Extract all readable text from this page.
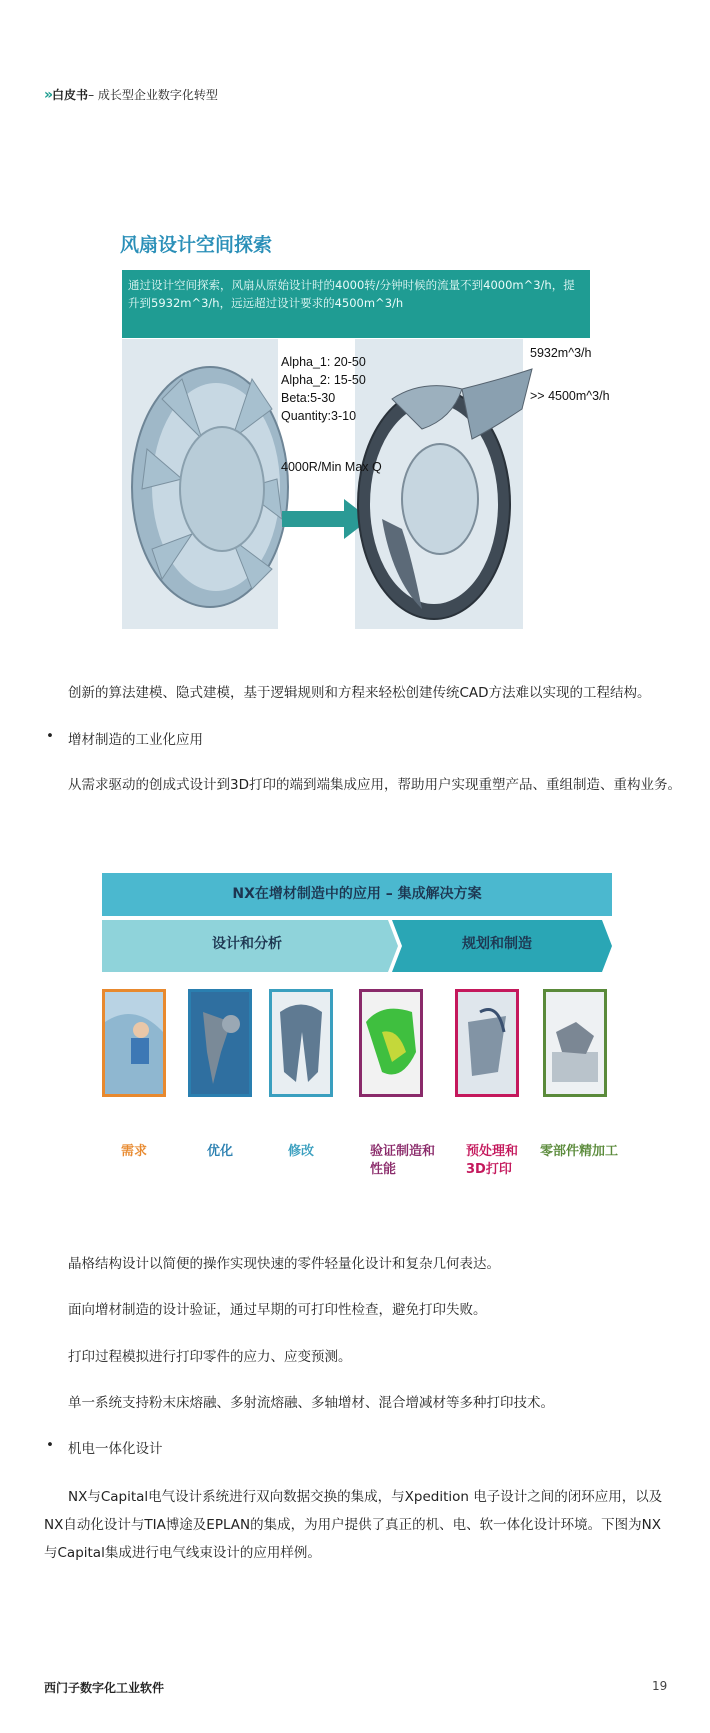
» 白皮书 – 成长型企业数字化转型
风扇设计空间探索
通过设计空间探索，风扇从原始设计时的4000转/分钟时候的流量不到4000m^3/h，提升到5932m^3/h，远远超过设计要求的4500m^3/h
Alpha_1: 20-50
Alpha_2: 15-50
Beta:5-30
Quantity:3-10
4000R/Min Max Q
5932m^3/h
>> 4500m^3/h
创新的算法建模、隐式建模，基于逻辑规则和方程来轻松创建传统CAD方法难以实现的工程结构。
• 增材制造的工业化应用
从需求驱动的创成式设计到3D打印的端到端集成应用，帮助用户实现重塑产品、重组制造、重构业务。
NX在增材制造中的应用 – 集成解决方案
设计和分析	规划和制造
需求	优化	修改	验证制造和性能
预处理和3D打印
零部件精加工
晶格结构设计以简便的操作实现快速的零件轻量化设计和复杂几何表达。
面向增材制造的设计验证，通过早期的可打印性检查，避免打印失败。
打印过程模拟进行打印零件的应力、应变预测。
单一系统支持粉末床熔融、多射流熔融、多轴增材、混合增减材等多种打印技术。
• 机电一体化设计
NX与Capital电气设计系统进行双向数据交换的集成，与Xpedition 电子设计之间的闭环应用，以及NX自动化设计与TIA博途及EPLAN的集成，为用户提供了真正的机、电、软一体化设计环境。下图为NX与Capital集成进行电气线束设计的应用样例。
西门子数字化工业软件	19
